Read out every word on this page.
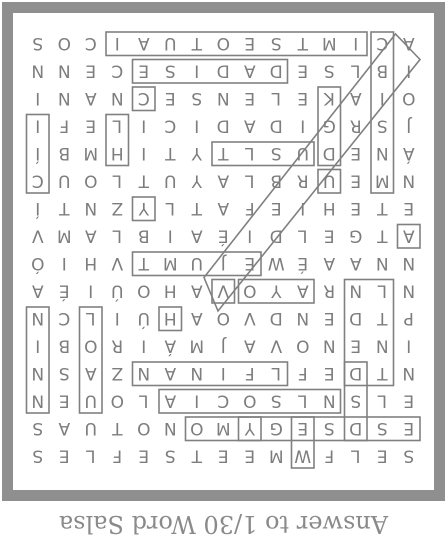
S
E
L
F
W
M
E
E
T
S
E
F
L
E
S
E
S
D
S
E
G
Y
M
O
N
O
T
U
A
S
E
L
S
N
L
S
O
C
I
A
L
O
U
E
N
N
T
D
E
F
L
F
I
N
A
N
Z
A
S
N
I
N
E
N
O
V
A
J
M
Á
I
R
O
B
I
P
T
D
E
N
D
V
O
A
H
Ú
I
L
C
N
N
L
N
R
A
Y
O
V
A
H
O
Ú
I
É
A
N
N
A
A
É
W
E
J
U
M
T
V
H
I
Ó
A
T
G
E
L
D
I
É
A
I
B
L
A
M
V
E
T
E
H
I
E
F
A
T
L
Y
Z
N
T
Í
N
M
E
U
R
B
L
A
Y
U
T
L
O
U
C
Á
N
E
D
U
S
L
T
Y
T
I
H
M
B
Í
J
S
R
G
I
D
A
D
I
C
I
L
E
F
I
O
I
A
K
E
L
E
N
S
E
C
N
A
N
I
I
B
L
S
E
D
A
D
I
S
E
C
E
N
N
A
C
I
M
T
S
E
O
T
U
A
I
C
O
S
Answer to 1/30 Word Salsa
